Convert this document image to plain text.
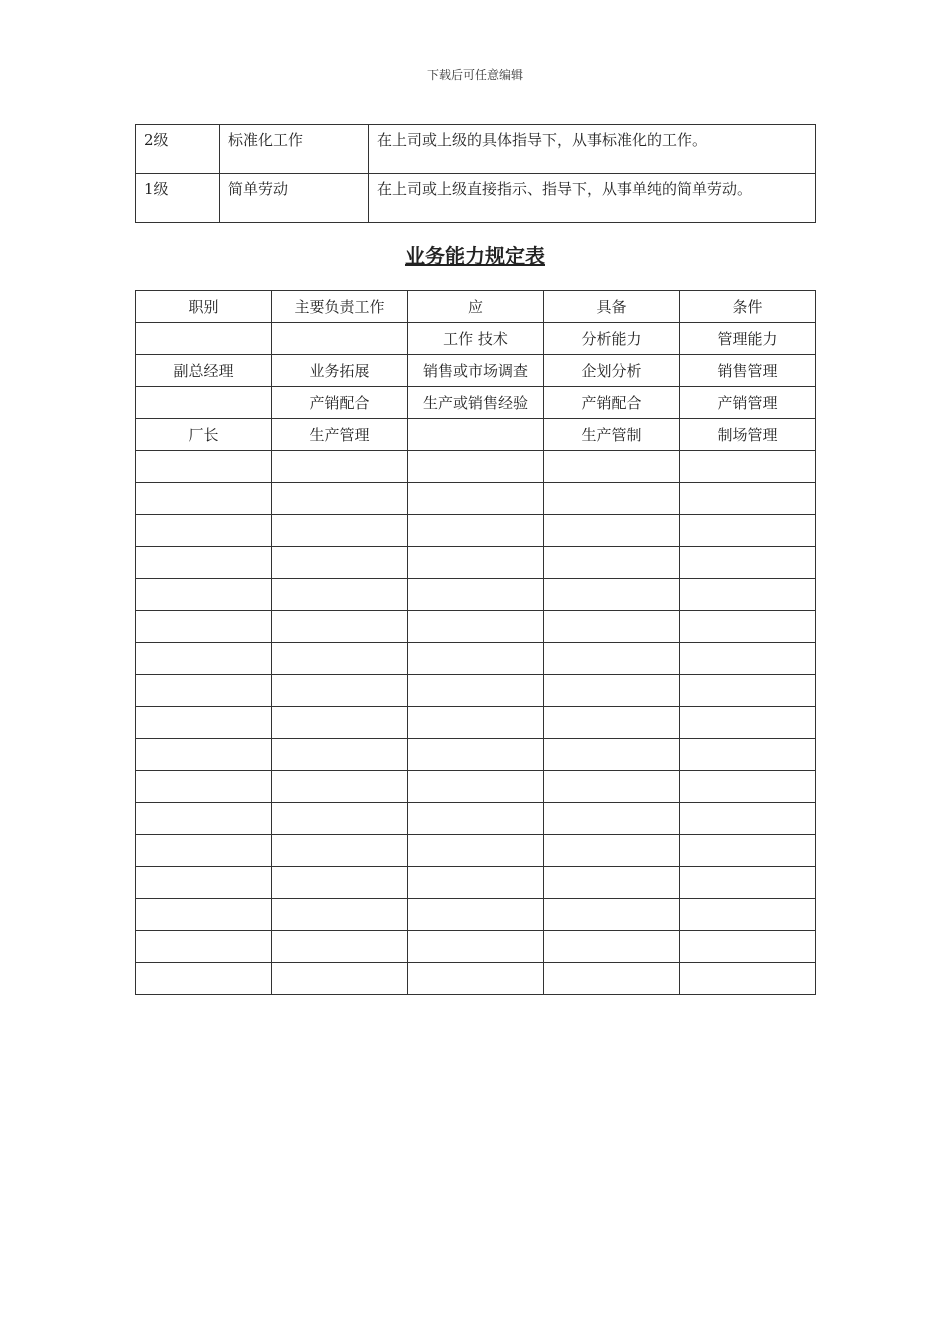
下载后可任意编辑
2级	标准化工作	在上司或上级的具体指导下，从事标准化的工作。
1级	简单劳动	在上司或上级直接指示、指导下，从事单纯的简单劳动。
业务能力规定表
职别	主要负责工作	应	具备	条件
		工作 技术	分析能力	管理能力
副总经理	业务拓展	销售或市场调查	企划分析	销售管理
	产销配合	生产或销售经验	产销配合	产销管理
厂长	生产管理		生产管制	制场管理
